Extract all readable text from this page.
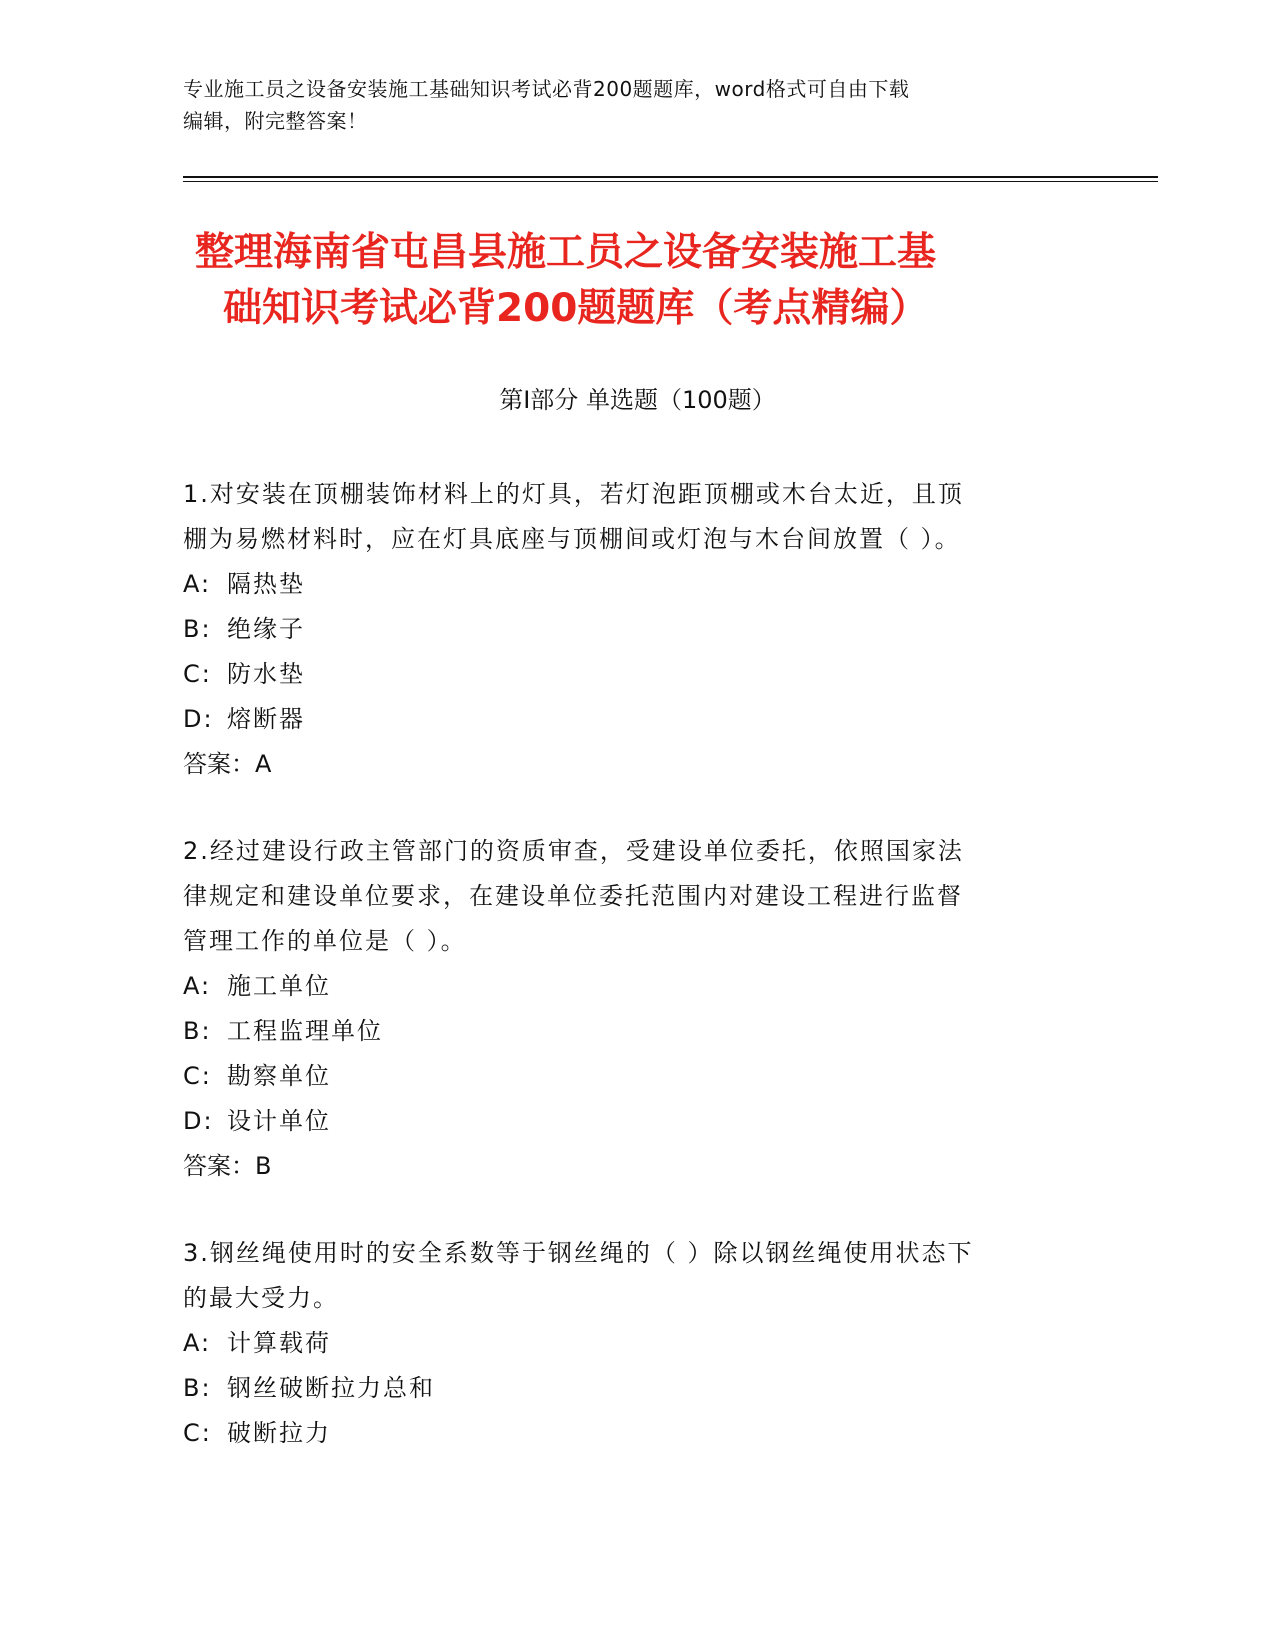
专业施工员之设备安装施工基础知识考试必背200题题库，word格式可自由下载
编辑，附完整答案！
整理海南省屯昌县施工员之设备安装施工基
础知识考试必背200题题库（考点精编）
第Ⅰ部分 单选题（100题）
1.对安装在顶棚装饰材料上的灯具，若灯泡距顶棚或木台太近，且顶
棚为易燃材料时，应在灯具底座与顶棚间或灯泡与木台间放置（ ）。
A: 隔热垫
B: 绝缘子
C: 防水垫
D: 熔断器
答案：A
2.经过建设行政主管部门的资质审查，受建设单位委托，依照国家法
律规定和建设单位要求，在建设单位委托范围内对建设工程进行监督
管理工作的单位是（ ）。
A: 施工单位
B: 工程监理单位
C: 勘察单位
D: 设计单位
答案：B
3.钢丝绳使用时的安全系数等于钢丝绳的（ ）除以钢丝绳使用状态下
的最大受力。
A: 计算载荷
B: 钢丝破断拉力总和
C: 破断拉力
